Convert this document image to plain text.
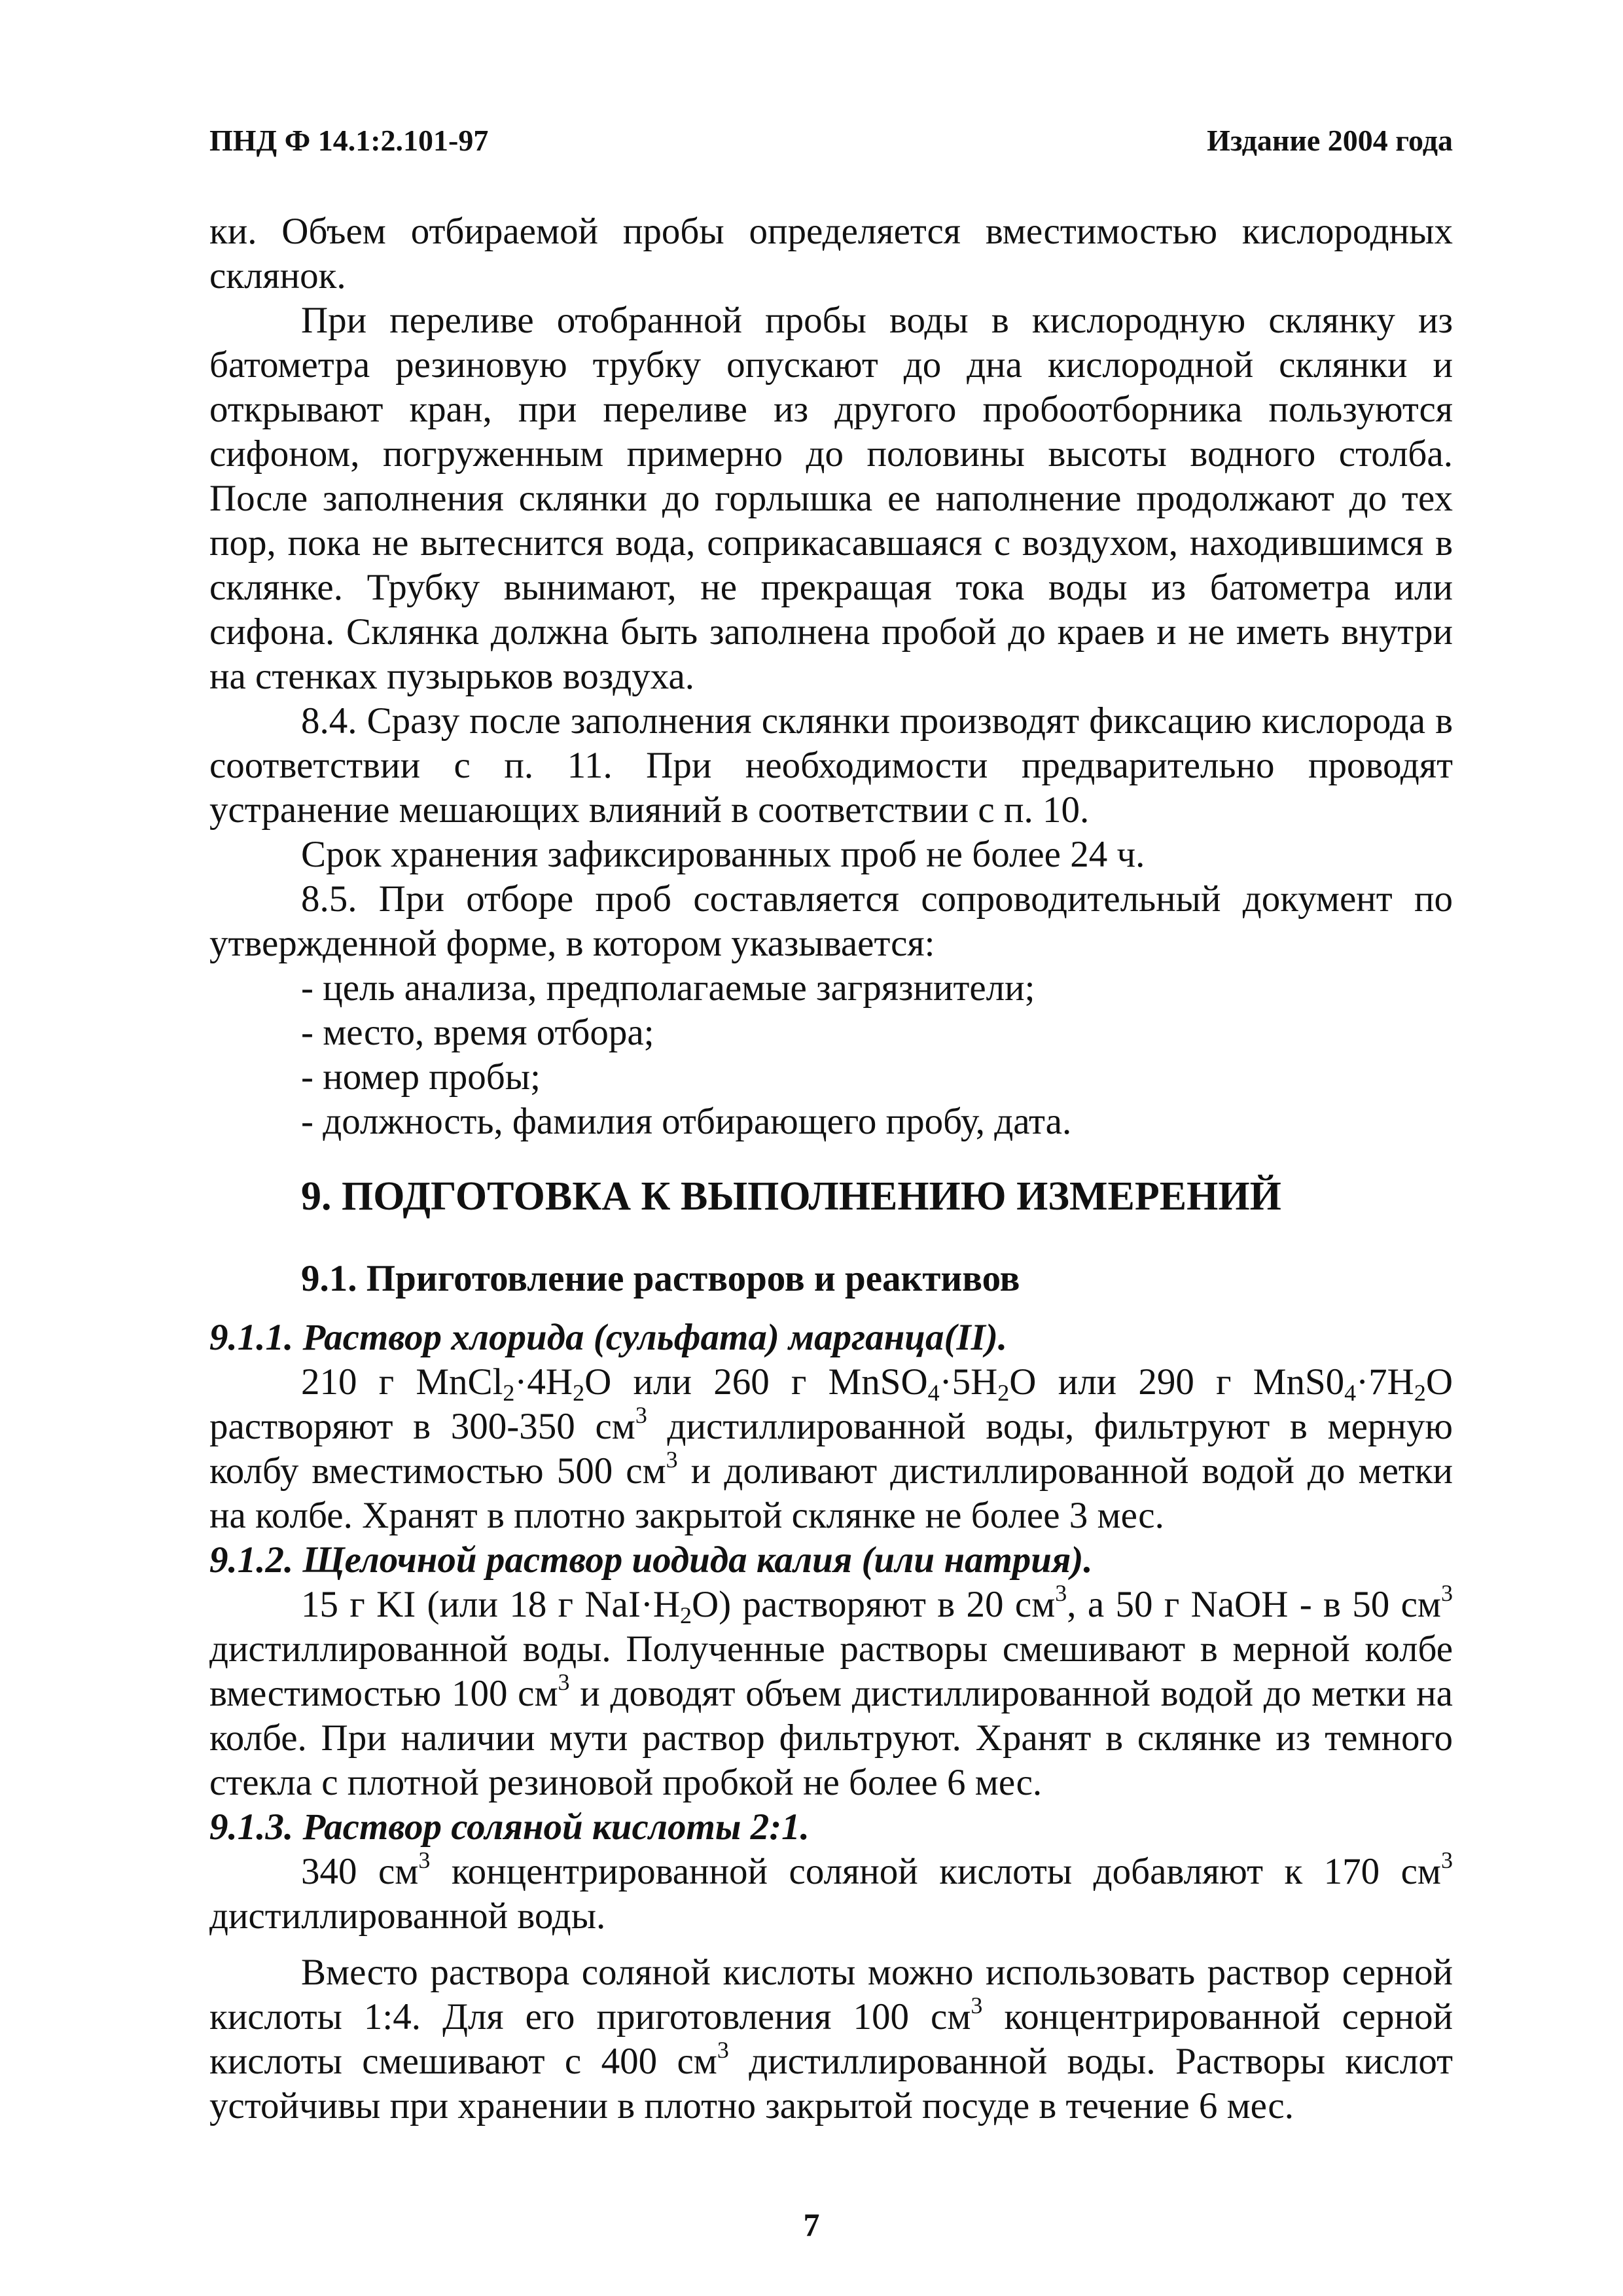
ПНД Ф 14.1:2.101-97	Издание 2004 года

ки. Объем отбираемой пробы определяется вместимостью кислородных склянок.

При переливе отобранной пробы воды в кислородную склянку из батометра резиновую трубку опускают до дна кислородной склянки и открывают кран, при переливе из другого пробоотборника пользуются сифоном, погруженным примерно до половины высоты водного столба. После заполнения склянки до горлышка ее наполнение продолжают до тех пор, пока не вытеснится вода, соприкасавшаяся с воздухом, находившимся в склянке. Трубку вынимают, не прекращая тока воды из батометра или сифона. Склянка должна быть заполнена пробой до краев и не иметь внутри на стенках пузырьков воздуха.

8.4. Сразу после заполнения склянки производят фиксацию кислорода в соответствии с п. 11. При необходимости предварительно проводят устранение мешающих влияний в соответствии с п. 10.

Срок хранения зафиксированных проб не более 24 ч.

8.5. При отборе проб составляется сопроводительный документ по утвержденной форме, в котором указывается:

- цель анализа, предполагаемые загрязнители;

- место, время отбора;

- номер пробы;

- должность, фамилия отбирающего пробу, дата.

9. ПОДГОТОВКА К ВЫПОЛНЕНИЮ ИЗМЕРЕНИЙ
9.1. Приготовление растворов и реактивов

9.1.1. Раствор хлорида (сульфата) марганца(II).

210 г $MnCl_2\cdot 4H_2O$ или 260 г $MnSO_4\cdot 5H_2O$ или 290 г $MnS0_4\cdot 7H_2O$ растворяют в 300-350 $см^3$ дистиллированной воды, фильтруют в мерную колбу вместимостью 500 $см^3$ и доливают дистиллированной водой до метки на колбе. Хранят в плотно закрытой склянке не более 3 мес.

9.1.2. Щелочной раствор иодида калия (или натрия).

15 г KI (или 18 г $NaI\cdot H_2O$) растворяют в 20 $см^3$, а 50 г NaOH - в 50 $см^3$ дистиллированной воды. Полученные растворы смешивают в мерной колбе вместимостью 100 $см^3$ и доводят объем дистиллированной водой до метки на колбе. При наличии мути раствор фильтруют. Хранят в склянке из темного стекла с плотной резиновой пробкой не более 6 мес.

9.1.3. Раствор соляной кислоты 2:1.

340 $см^3$ концентрированной соляной кислоты добавляют к 170 $см^3$ дистиллированной воды.

Вместо раствора соляной кислоты можно использовать раствор серной кислоты 1:4. Для его приготовления 100 $см^3$ концентрированной серной кислоты смешивают с 400 $см^3$ дистиллированной воды. Растворы кислот устойчивы при хранении в плотно закрытой посуде в течение 6 мес.

7
